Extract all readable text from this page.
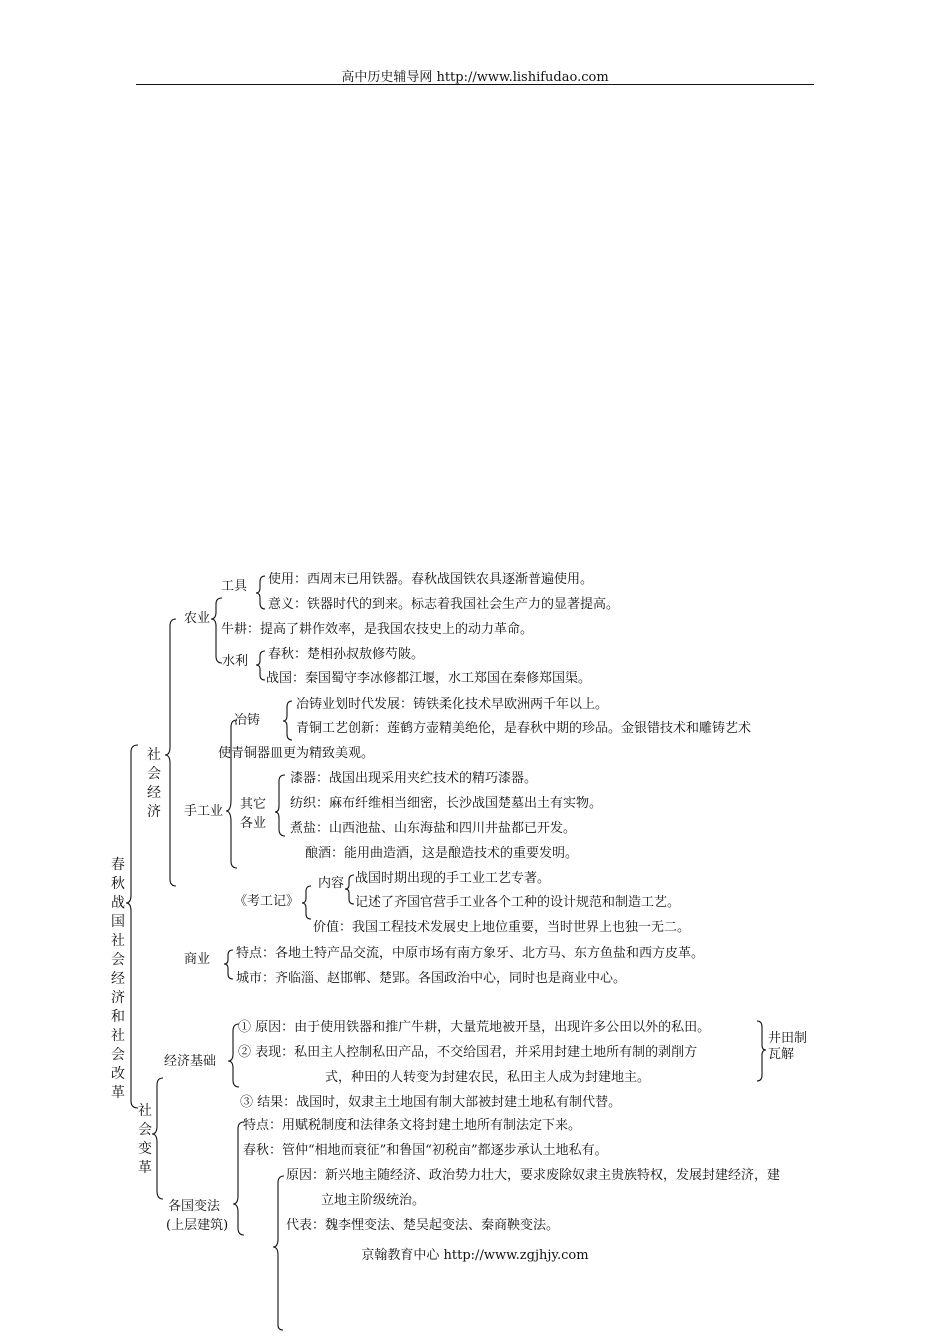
高中历史辅导网 http://www.lishifudao.com
春秋战国社会经济和社会改革
社会经济
农业
工具 使用：西周末已用铁器。春秋战国铁农具逐渐普遍使用。
意义：铁器时代的到来。标志着我国社会生产力的显著提高。
牛耕：提高了耕作效率，是我国农技史上的动力革命。
水利 春秋：楚相孙叔敖修芍陂。
战国：秦国蜀守李冰修都江堰，水工郑国在秦修郑国渠。
手工业
冶铸
冶铸业划时代发展：铸铁柔化技术早欧洲两千年以上。
青铜工艺创新：莲鹤方壶精美绝伦，是春秋中期的珍品。金银错技术和雕铸艺术
使青铜器皿更为精致美观。
其它各业
漆器：战国出现采用夹纻技术的精巧漆器。
纺织：麻布纤维相当细密，长沙战国楚墓出土有实物。
煮盐：山西池盐、山东海盐和四川井盐都已开发。
酿酒：能用曲造酒，这是酿造技术的重要发明。
《考工记》
内容 战国时期出现的手工业工艺专著。
记述了齐国官营手工业各个工种的设计规范和制造工艺。
价值：我国工程技术发展史上地位重要，当时世界上也独一无二。
商业 特点：各地土特产品交流，中原市场有南方象牙、北方马、东方鱼盐和西方皮革。
城市：齐临淄、赵邯郸、楚郢。各国政治中心，同时也是商业中心。
社会变革
经济基础
① 原因：由于使用铁器和推广牛耕，大量荒地被开垦，出现许多公田以外的私田。
② 表现：私田主人控制私田产品，不交给国君，并采用封建土地所有制的剥削方
式，种田的人转变为封建农民，私田主人成为封建地主。
③ 结果：战国时，奴隶主土地国有制大部被封建土地私有制代替。
井田制
瓦解
各国变法
(上层建筑)
特点：用赋税制度和法律条文将封建土地所有制法定下来。
春秋：管仲“相地而衰征”和鲁国“初税亩”都逐步承认土地私有。
原因：新兴地主随经济、政治势力壮大，要求废除奴隶主贵族特权，发展封建经济，建
立地主阶级统治。
代表：魏李悝变法、楚吴起变法、秦商鞅变法。
京翰教育中心 http://www.zgjhjy.com
